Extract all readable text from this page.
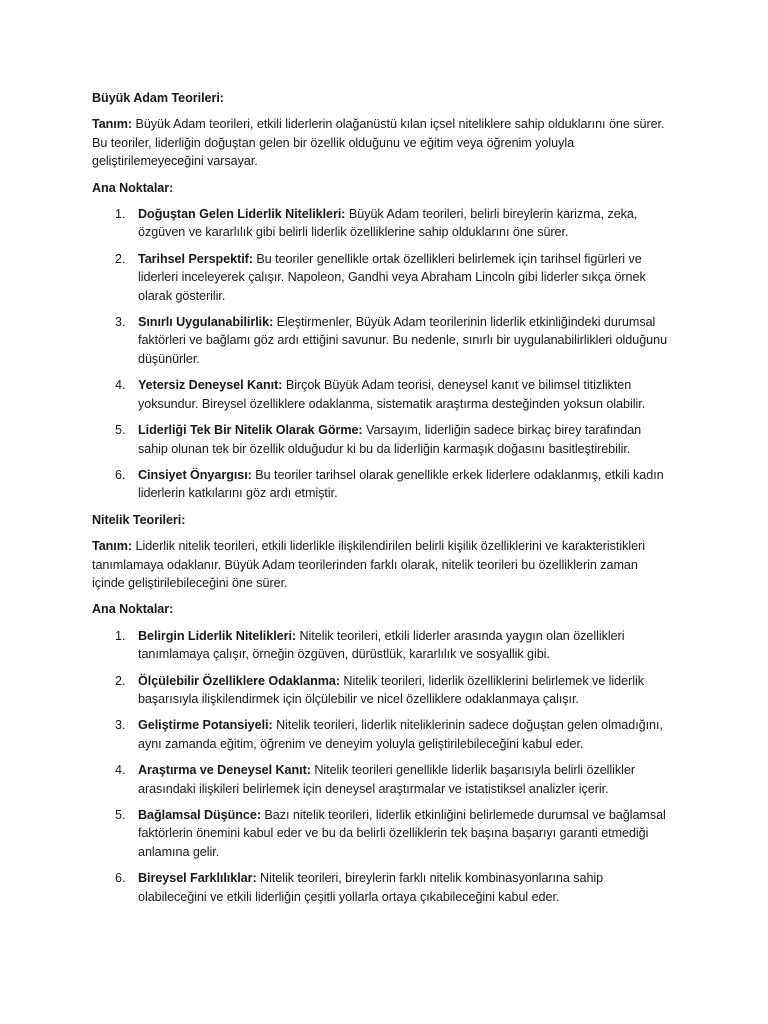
Büyük Adam Teorileri:

Tanım: Büyük Adam teorileri, etkili liderlerin olağanüstü kılan içsel niteliklere sahip olduklarını öne sürer. Bu teoriler, liderliğin doğuştan gelen bir özellik olduğunu ve eğitim veya öğrenim yoluyla geliştirilemeyeceğini varsayar.

Ana Noktalar:

1. Doğuştan Gelen Liderlik Nitelikleri: Büyük Adam teorileri, belirli bireylerin karizma, zeka, özgüven ve kararlılık gibi belirli liderlik özelliklerine sahip olduklarını öne sürer.
2. Tarihsel Perspektif: Bu teoriler genellikle ortak özellikleri belirlemek için tarihsel figürleri ve liderleri inceleyerek çalışır. Napoleon, Gandhi veya Abraham Lincoln gibi liderler sıkça örnek olarak gösterilir.
3. Sınırlı Uygulanabilirlik: Eleştirmenler, Büyük Adam teorilerinin liderlik etkinliğindeki durumsal faktörleri ve bağlamı göz ardı ettiğini savunur. Bu nedenle, sınırlı bir uygulanabilirlikleri olduğunu düşünürler.
4. Yetersiz Deneysel Kanıt: Birçok Büyük Adam teorisi, deneysel kanıt ve bilimsel titizlikten yoksundur. Bireysel özelliklere odaklanma, sistematik araştırma desteğinden yoksun olabilir.
5. Liderliği Tek Bir Nitelik Olarak Görme: Varsayım, liderliğin sadece birkaç birey tarafından sahip olunan tek bir özellik olduğudur ki bu da liderliğin karmaşık doğasını basitleştirebilir.
6. Cinsiyet Önyargısı: Bu teoriler tarihsel olarak genellikle erkek liderlere odaklanmış, etkili kadın liderlerin katkılarını göz ardı etmiştir.

Nitelik Teorileri:

Tanım: Liderlik nitelik teorileri, etkili liderlikle ilişkilendirilen belirli kişilik özelliklerini ve karakteristikleri tanımlamaya odaklanır. Büyük Adam teorilerinden farklı olarak, nitelik teorileri bu özelliklerin zaman içinde geliştirilebileceğini öne sürer.

Ana Noktalar:

1. Belirgin Liderlik Nitelikleri: Nitelik teorileri, etkili liderler arasında yaygın olan özellikleri tanımlamaya çalışır, örneğin özgüven, dürüstlük, kararlılık ve sosyallik gibi.
2. Ölçülebilir Özelliklere Odaklanma: Nitelik teorileri, liderlik özelliklerini belirlemek ve liderlik başarısıyla ilişkilendirmek için ölçülebilir ve nicel özelliklere odaklanmaya çalışır.
3. Geliştirme Potansiyeli: Nitelik teorileri, liderlik niteliklerinin sadece doğuştan gelen olmadığını, aynı zamanda eğitim, öğrenim ve deneyim yoluyla geliştirilebileceğini kabul eder.
4. Araştırma ve Deneysel Kanıt: Nitelik teorileri genellikle liderlik başarısıyla belirli özellikler arasındaki ilişkileri belirlemek için deneysel araştırmalar ve istatistiksel analizler içerir.
5. Bağlamsal Düşünce: Bazı nitelik teorileri, liderlik etkinliğini belirlemede durumsal ve bağlamsal faktörlerin önemini kabul eder ve bu da belirli özelliklerin tek başına başarıyı garanti etmediği anlamına gelir.
6. Bireysel Farklılıklar: Nitelik teorileri, bireylerin farklı nitelik kombinasyonlarına sahip olabileceğini ve etkili liderliğin çeşitli yollarla ortaya çıkabileceğini kabul eder.
